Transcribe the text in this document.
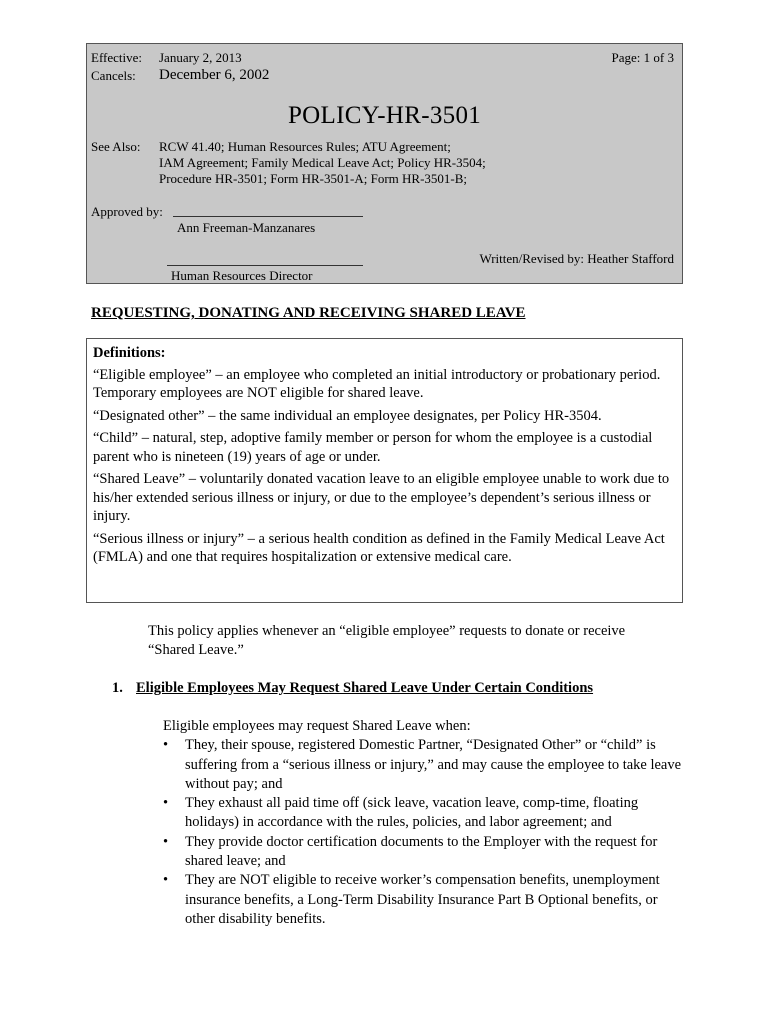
Effective: January 2, 2013	Page: 1 of 3
Cancels: December 6, 2002
POLICY-HR-3501
See Also: RCW 41.40; Human Resources Rules; ATU Agreement;
IAM Agreement; Family Medical Leave Act; Policy HR-3504;
Procedure HR-3501; Form HR-3501-A; Form HR-3501-B;
Approved by:
Ann Freeman-Manzanares
Written/Revised by: Heather Stafford
Human Resources Director
REQUESTING, DONATING AND RECEIVING SHARED LEAVE
Definitions:

“Eligible employee” – an employee who completed an initial introductory or probationary period. Temporary employees are NOT eligible for shared leave.

“Designated other” – the same individual an employee designates, per Policy HR-3504.

“Child” – natural, step, adoptive family member or person for whom the employee is a custodial parent who is nineteen (19) years of age or under.

“Shared Leave” – voluntarily donated vacation leave to an eligible employee unable to work due to his/her extended serious illness or injury, or due to the employee’s dependent’s serious illness or injury.

“Serious illness or injury” – a serious health condition as defined in the Family Medical Leave Act (FMLA) and one that requires hospitalization or extensive medical care.

This policy applies whenever an “eligible employee” requests to donate or receive “Shared Leave.”
1. Eligible Employees May Request Shared Leave Under Certain Conditions
Eligible employees may request Shared Leave when:
• They, their spouse, registered Domestic Partner, “Designated Other” or “child” is suffering from a “serious illness or injury,” and may cause the employee to take leave without pay; and
• They exhaust all paid time off (sick leave, vacation leave, comp-time, floating holidays) in accordance with the rules, policies, and labor agreement; and
• They provide doctor certification documents to the Employer with the request for shared leave; and
• They are NOT eligible to receive worker’s compensation benefits, unemployment insurance benefits, a Long-Term Disability Insurance Part B Optional benefits, or other disability benefits.
